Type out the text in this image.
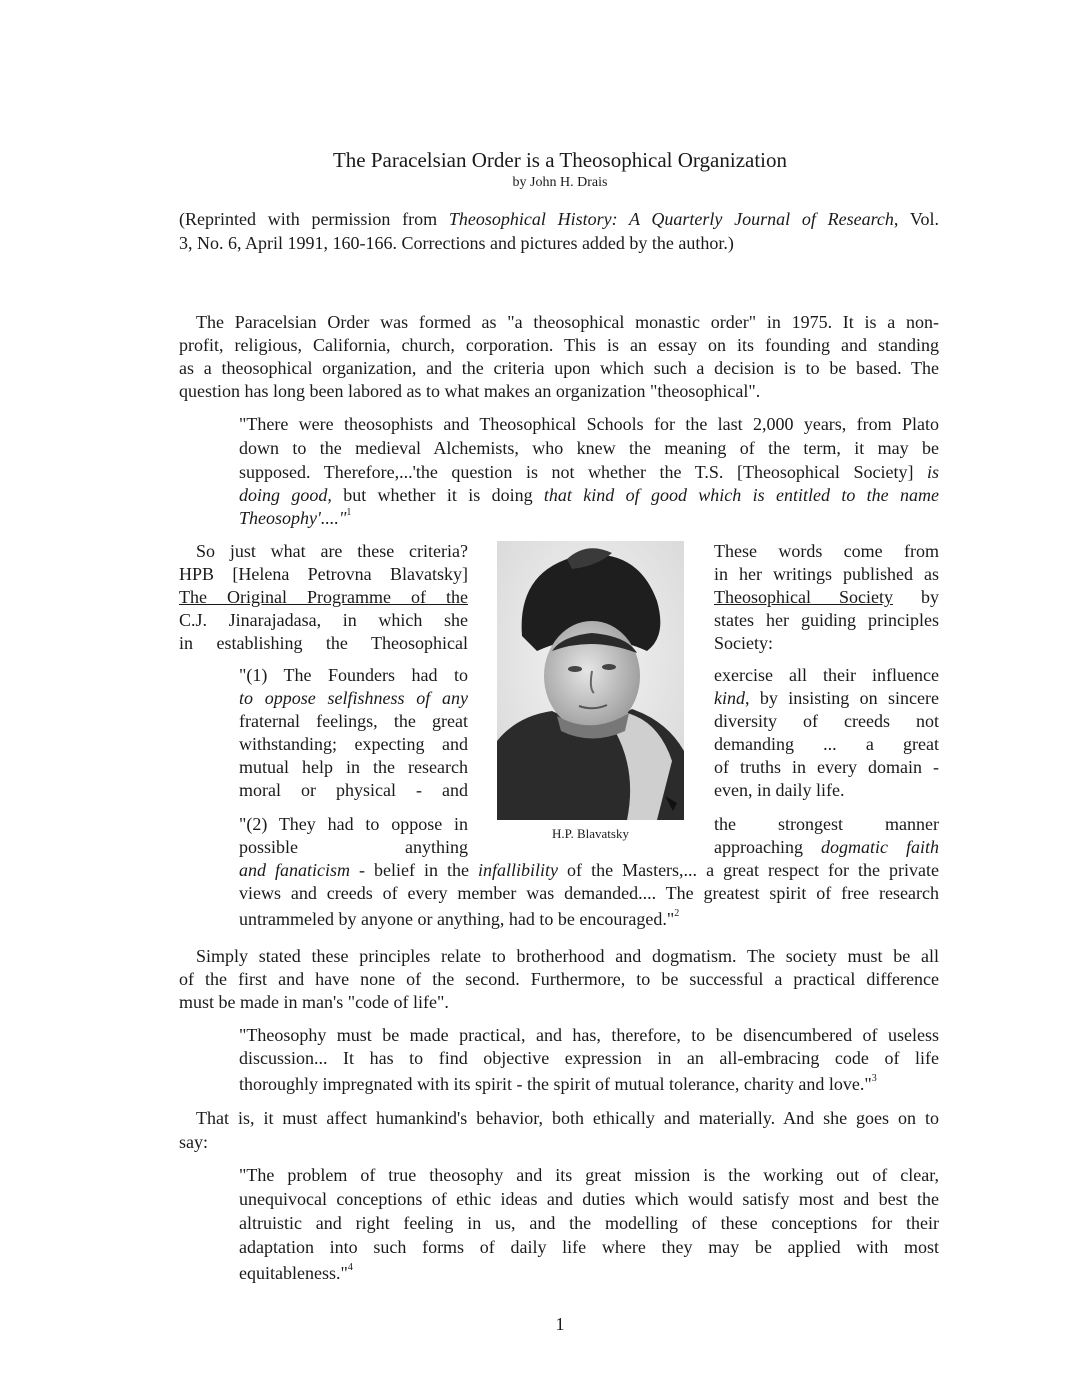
The Paracelsian Order is a Theosophical Organization
by John H. Drais
(Reprinted with permission from Theosophical History: A Quarterly Journal of Research, Vol.
3, No. 6, April 1991, 160-166. Corrections and pictures added by the author.)
The Paracelsian Order was formed as "a theosophical monastic order" in 1975. It is a non-
profit, religious, California, church, corporation. This is an essay on its founding and standing
as a theosophical organization, and the criteria upon which such a decision is to be based. The
question has long been labored as to what makes an organization "theosophical".
"There were theosophists and Theosophical Schools for the last 2,000 years, from Plato
down to the medieval Alchemists, who knew the meaning of the term, it may be
supposed. Therefore,...'the question is not whether the T.S. [Theosophical Society] is
doing good, but whether it is doing that kind of good which is entitled to the name
Theosophy'...."$^1$
So just what are these criteria?
HPB [Helena Petrovna Blavatsky]
The Original Programme of the
C.J. Jinarajadasa, in which she
in establishing the Theosophical
These words come from
in her writings published as
Theosophical Society by
states her guiding principles
Society:
"(1) The Founders had to
to oppose selfishness of any
fraternal feelings, the great
withstanding; expecting and
mutual help in the research
moral or physical - and
exercise all their influence
kind, by insisting on sincere
diversity of creeds not
demanding ... a great
of truths in every domain -
even, in daily life.
H.P. Blavatsky
"(2) They had to oppose in
possible anything
the strongest manner
approaching dogmatic faith
and fanaticism - belief in the infallibility of the Masters,... a great respect for the private
views and creeds of every member was demanded.... The greatest spirit of free research
untrammeled by anyone or anything, had to be encouraged."$^2$
Simply stated these principles relate to brotherhood and dogmatism. The society must be all
of the first and have none of the second. Furthermore, to be successful a practical difference
must be made in man's "code of life".
"Theosophy must be made practical, and has, therefore, to be disencumbered of useless
discussion... It has to find objective expression in an all-embracing code of life
thoroughly impregnated with its spirit - the spirit of mutual tolerance, charity and love."$^3$
That is, it must affect humankind's behavior, both ethically and materially. And she goes on to
say:
"The problem of true theosophy and its great mission is the working out of clear,
unequivocal conceptions of ethic ideas and duties which would satisfy most and best the
altruistic and right feeling in us, and the modelling of these conceptions for their
adaptation into such forms of daily life where they may be applied with most
equitableness."$^4$
1
